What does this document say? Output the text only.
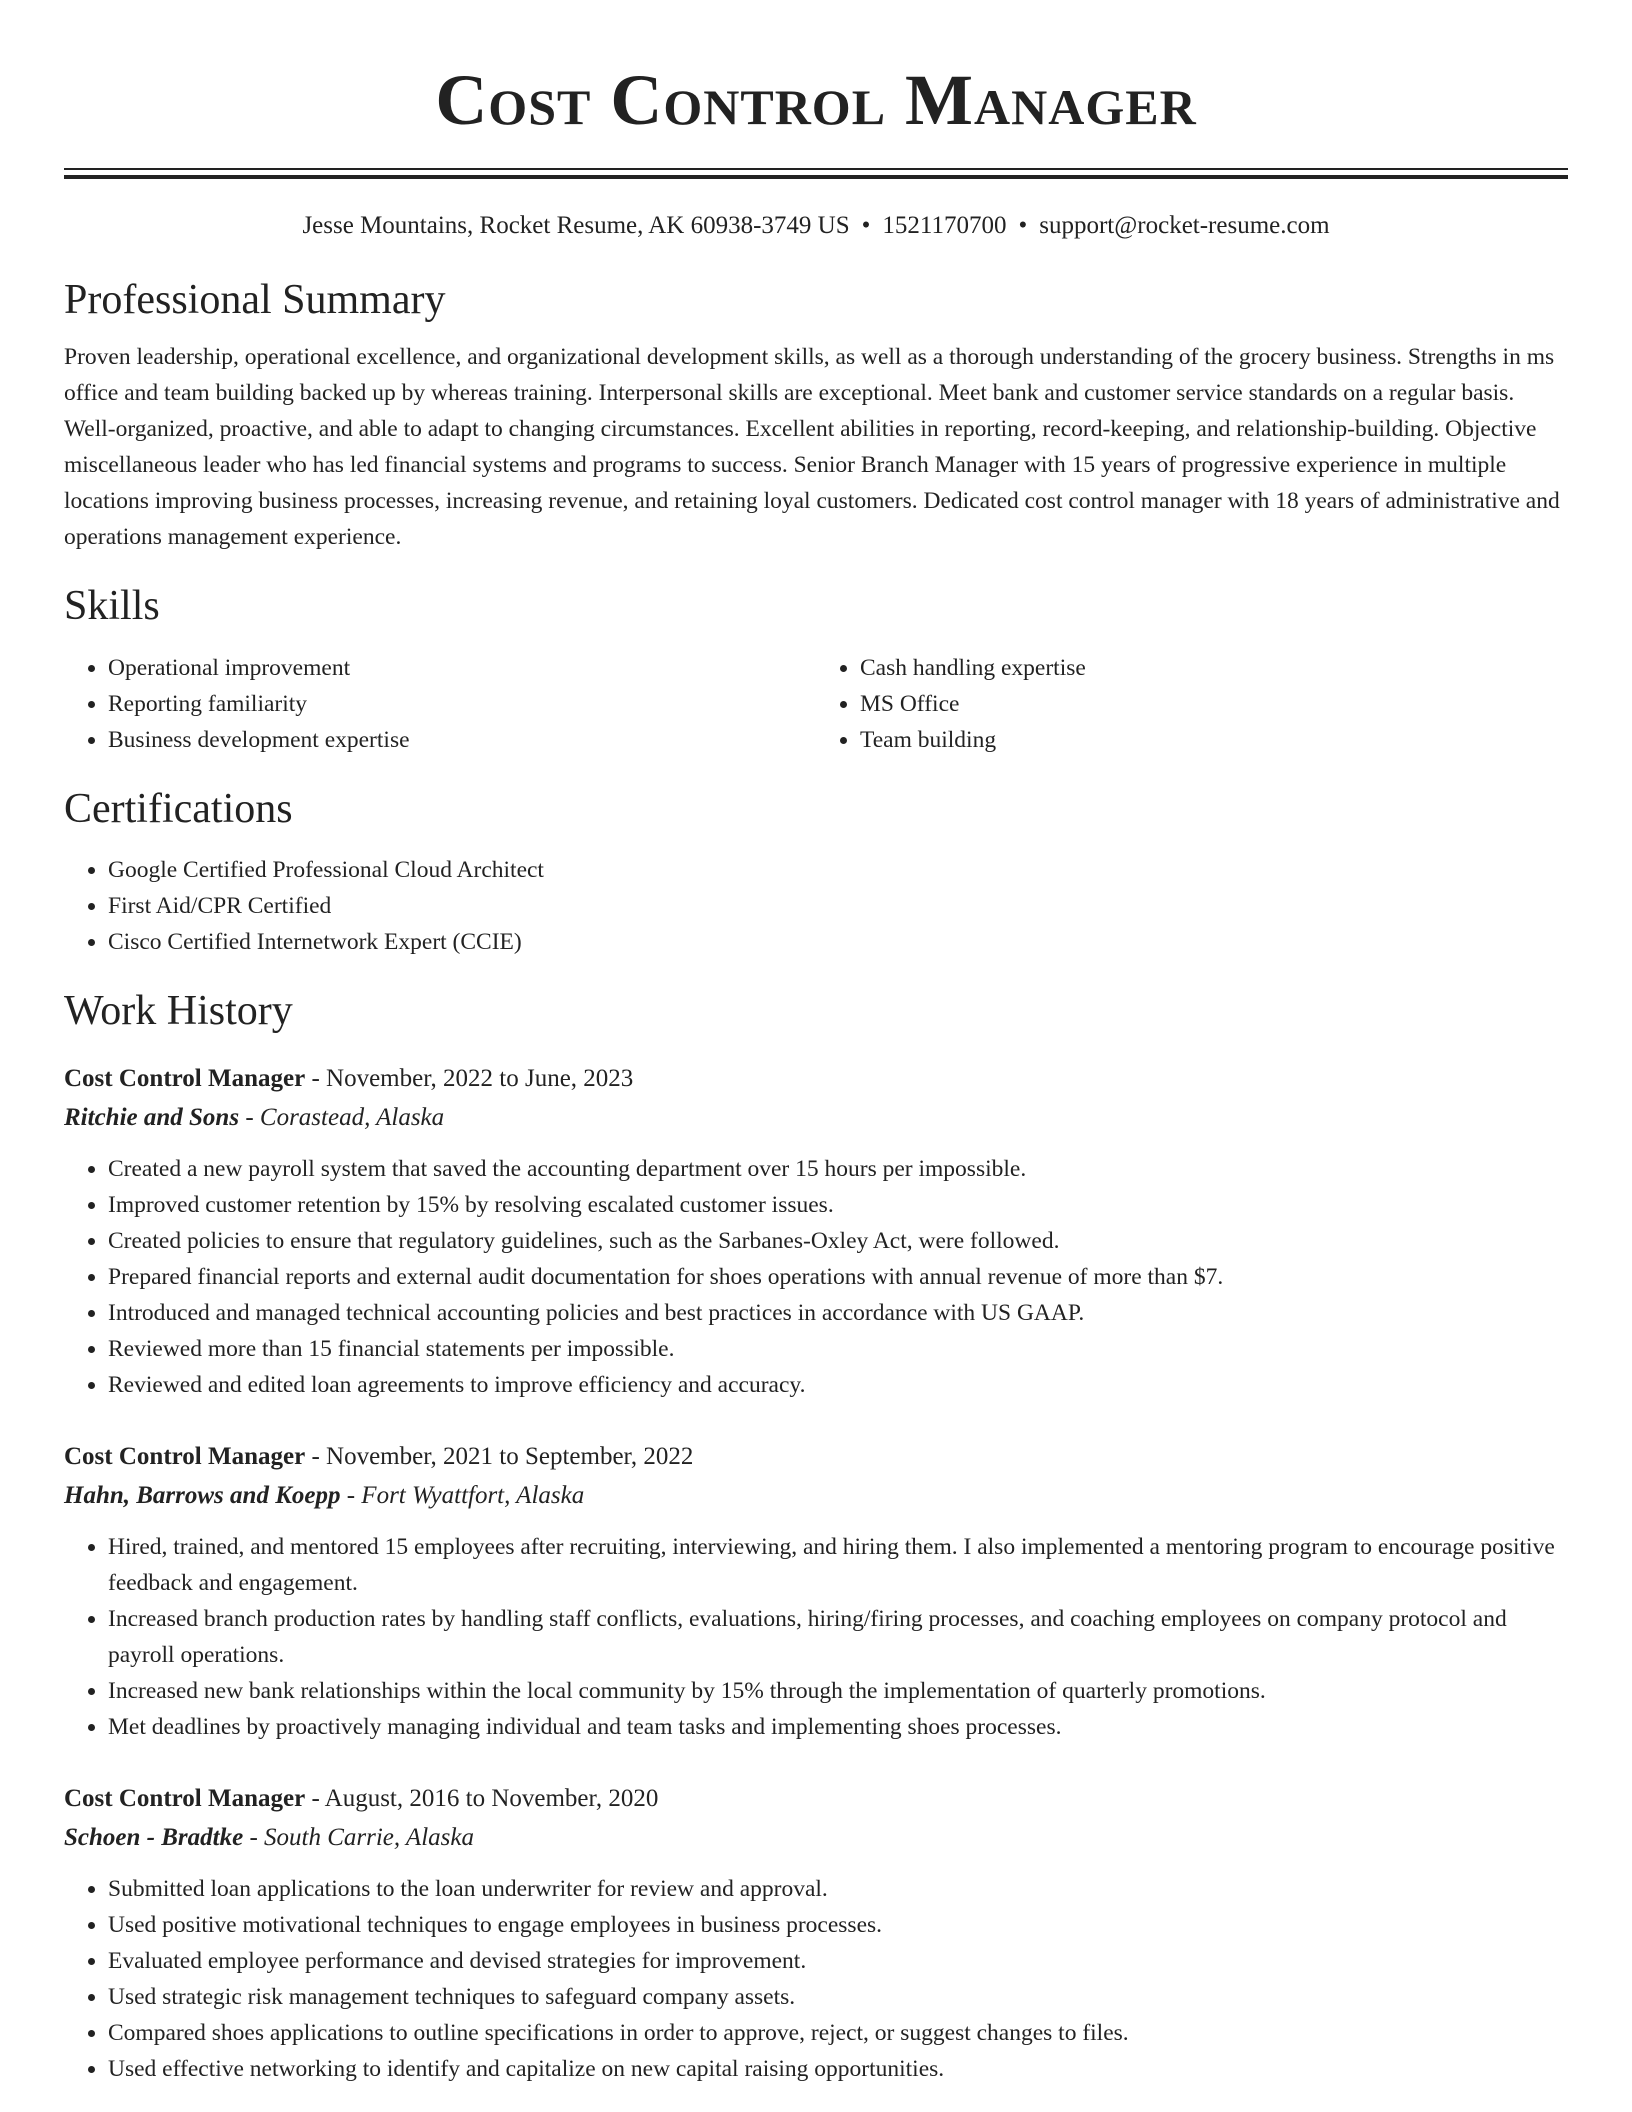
Cost Control Manager
Jesse Mountains, Rocket Resume, AK 60938-3749 US • 1521170700 • support@rocket-resume.com
Professional Summary

Proven leadership, operational excellence, and organizational development skills, as well as a thorough understanding of the grocery business. Strengths in ms office and team building backed up by whereas training. Interpersonal skills are exceptional. Meet bank and customer service standards on a regular basis. Well-organized, proactive, and able to adapt to changing circumstances. Excellent abilities in reporting, record-keeping, and relationship-building. Objective miscellaneous leader who has led financial systems and programs to success. Senior Branch Manager with 15 years of progressive experience in multiple locations improving business processes, increasing revenue, and retaining loyal customers. Dedicated cost control manager with 18 years of administrative and operations management experience.

Skills
• Operational improvement
• Reporting familiarity
• Business development expertise
• Cash handling expertise
• MS Office
• Team building
Certifications
• Google Certified Professional Cloud Architect
• First Aid/CPR Certified
• Cisco Certified Internetwork Expert (CCIE)
Work History
Cost Control Manager - November, 2022 to June, 2023
Ritchie and Sons - Corastead, Alaska
• Created a new payroll system that saved the accounting department over 15 hours per impossible.
• Improved customer retention by 15% by resolving escalated customer issues.
• Created policies to ensure that regulatory guidelines, such as the Sarbanes-Oxley Act, were followed.
• Prepared financial reports and external audit documentation for shoes operations with annual revenue of more than $7.
• Introduced and managed technical accounting policies and best practices in accordance with US GAAP.
• Reviewed more than 15 financial statements per impossible.
• Reviewed and edited loan agreements to improve efficiency and accuracy.
Cost Control Manager - November, 2021 to September, 2022
Hahn, Barrows and Koepp - Fort Wyattfort, Alaska
• Hired, trained, and mentored 15 employees after recruiting, interviewing, and hiring them. I also implemented a mentoring program to encourage positive feedback and engagement.
• Increased branch production rates by handling staff conflicts, evaluations, hiring/firing processes, and coaching employees on company protocol and payroll operations.
• Increased new bank relationships within the local community by 15% through the implementation of quarterly promotions.
• Met deadlines by proactively managing individual and team tasks and implementing shoes processes.
Cost Control Manager - August, 2016 to November, 2020
Schoen - Bradtke - South Carrie, Alaska
• Submitted loan applications to the loan underwriter for review and approval.
• Used positive motivational techniques to engage employees in business processes.
• Evaluated employee performance and devised strategies for improvement.
• Used strategic risk management techniques to safeguard company assets.
• Compared shoes applications to outline specifications in order to approve, reject, or suggest changes to files.
• Used effective networking to identify and capitalize on new capital raising opportunities.
